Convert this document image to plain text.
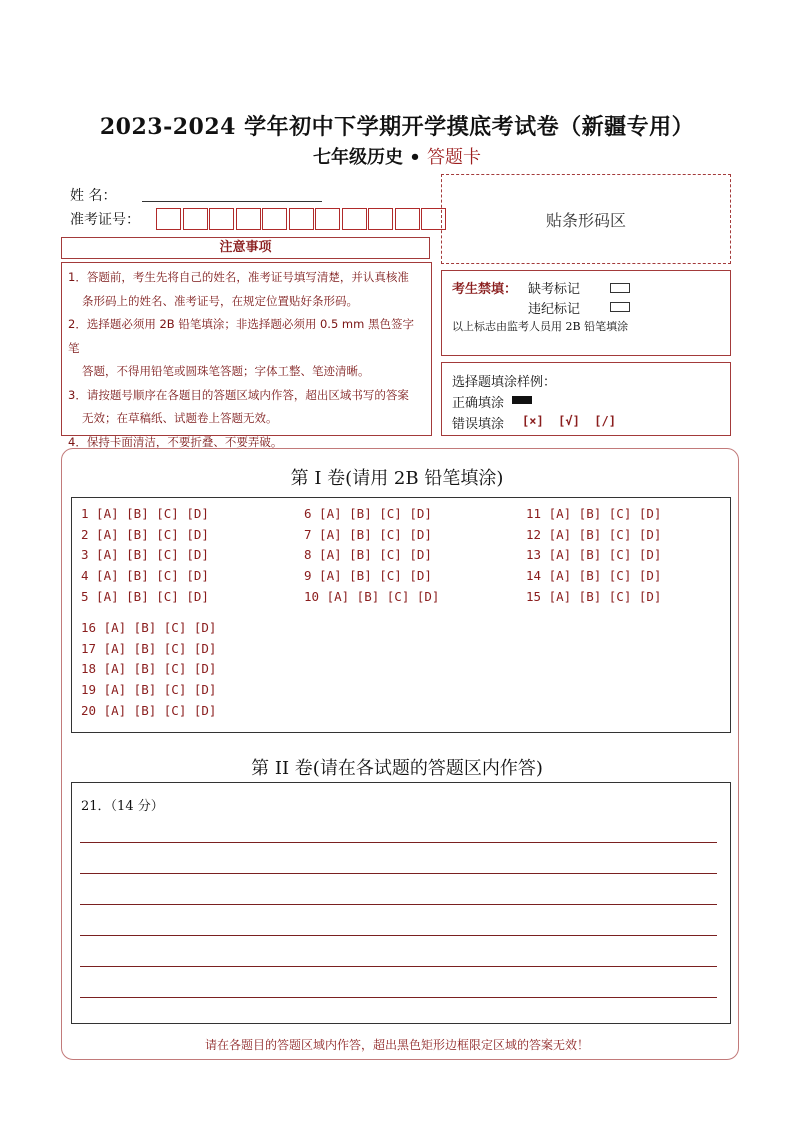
2023-2024 学年初中下学期开学摸底考试卷（新疆专用）
七年级历史 • 答题卡
姓 名：
准考证号：	贴条形码区
注意事项
1．答题前，考生先将自己的姓名，准考证号填写清楚，并认真核准
条形码上的姓名、准考证号，在规定位置贴好条形码。
2．选择题必须用 2B 铅笔填涂；非选择题必须用 0.5 mm 黑色签字笔
答题，不得用铅笔或圆珠笔答题；字体工整、笔迹清晰。
3．请按题号顺序在各题目的答题区域内作答，超出区域书写的答案
无效；在草稿纸、试题卷上答题无效。
4．保持卡面清洁，不要折叠、不要弄破。
考生禁填： 缺考标记
违纪标记
以上标志由监考人员用 2B 铅笔填涂
选择题填涂样例：
正确填涂
错误填涂 [×]  [√]  [/]
第 I 卷(请用 2B 铅笔填涂)
1 [A] [B] [C] [D]
2 [A] [B] [C] [D]
3 [A] [B] [C] [D]
4 [A] [B] [C] [D]
5 [A] [B] [C] [D]
6 [A] [B] [C] [D]
7 [A] [B] [C] [D]
8 [A] [B] [C] [D]
9 [A] [B] [C] [D]
10 [A] [B] [C] [D]
11 [A] [B] [C] [D]
12 [A] [B] [C] [D]
13 [A] [B] [C] [D]
14 [A] [B] [C] [D]
15 [A] [B] [C] [D]
16 [A] [B] [C] [D]
17 [A] [B] [C] [D]
18 [A] [B] [C] [D]
19 [A] [B] [C] [D]
20 [A] [B] [C] [D]
第 II 卷(请在各试题的答题区内作答)
21．（14 分）
请在各题目的答题区域内作答，超出黑色矩形边框限定区域的答案无效！
